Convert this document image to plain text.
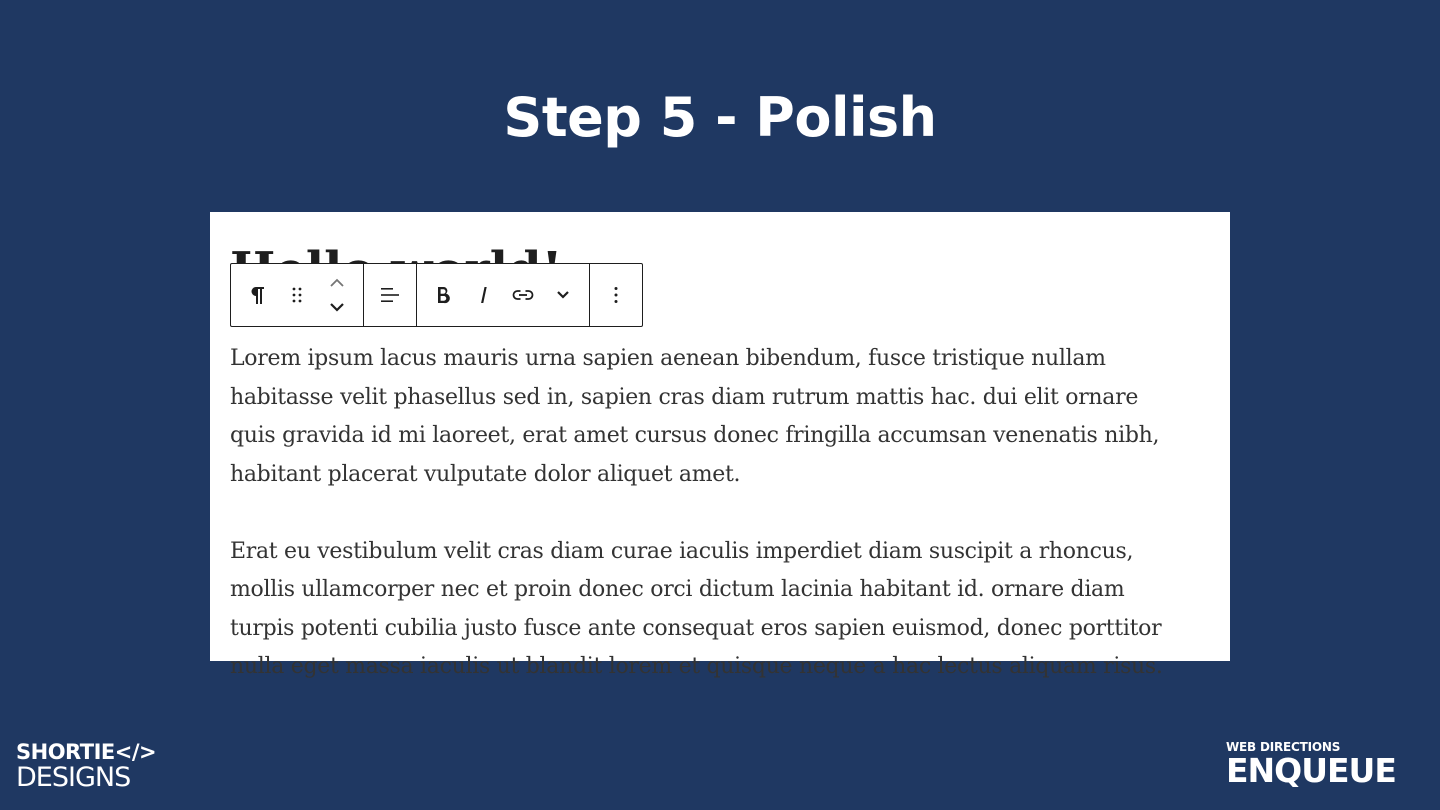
Step 5 - Polish

Lorem ipsum lacus mauris urna sapien aenean bibendum, fusce tristique nullam habitasse velit phasellus sed in, sapien cras diam rutrum mattis hac. dui elit ornare quis gravida id mi laoreet, erat amet cursus donec fringilla accumsan venenatis nibh, habitant placerat vulputate dolor aliquet amet.

Erat eu vestibulum velit cras diam curae iaculis imperdiet diam suscipit a rhoncus, mollis ullamcorper nec et proin donec orci dictum lacinia habitant id. ornare diam turpis potenti cubilia justo fusce ante consequat eros sapien euismod, donec porttitor nulla eget massa iaculis ut blandit lorem et quisque neque a hac lectus aliquam risus.

SHORTIE</>
DESIGNS
WEB DIRECTIONS
ENQUEUE
